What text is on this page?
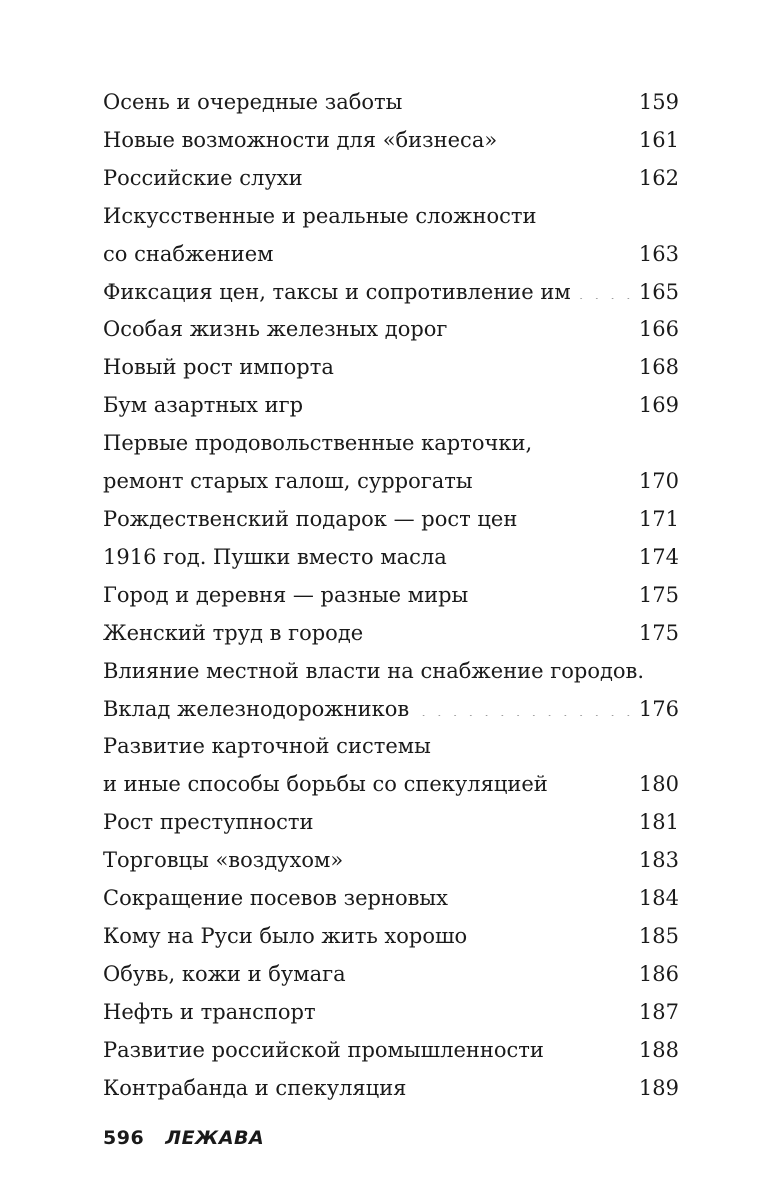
Осень и очередные заботы . . .	159
Новые возможности для «бизнеса» . . .	161
Российские слухи . . .	162
Искусственные и реальные сложности
со снабжением . . .	163
Фиксация цен, таксы и сопротивление им . . .	165
Особая жизнь железных дорог . . .	166
Новый рост импорта . . .	168
Бум азартных игр . . .	169
Первые продовольственные карточки,
ремонт старых галош, суррогаты . . .	170
Рождественский подарок — рост цен . . .	171
1916 год. Пушки вместо масла . . .	174
Город и деревня — разные миры . . .	175
Женский труд в городе . . .	175
Влияние местной власти на снабжение городов.
Вклад железнодорожников . . .	176
Развитие карточной системы
и иные способы борьбы со спекуляцией . . .	180
Рост преступности . . .	181
Торговцы «воздухом» . . .	183
Сокращение посевов зерновых . . .	184
Кому на Руси было жить хорошо . . .	185
Обувь, кожи и бумага . . .	186
Нефть и транспорт . . .	187
Развитие российской промышленности . . .	188
Контрабанда и спекуляция . . .	189
596 ЛЕЖАВА
